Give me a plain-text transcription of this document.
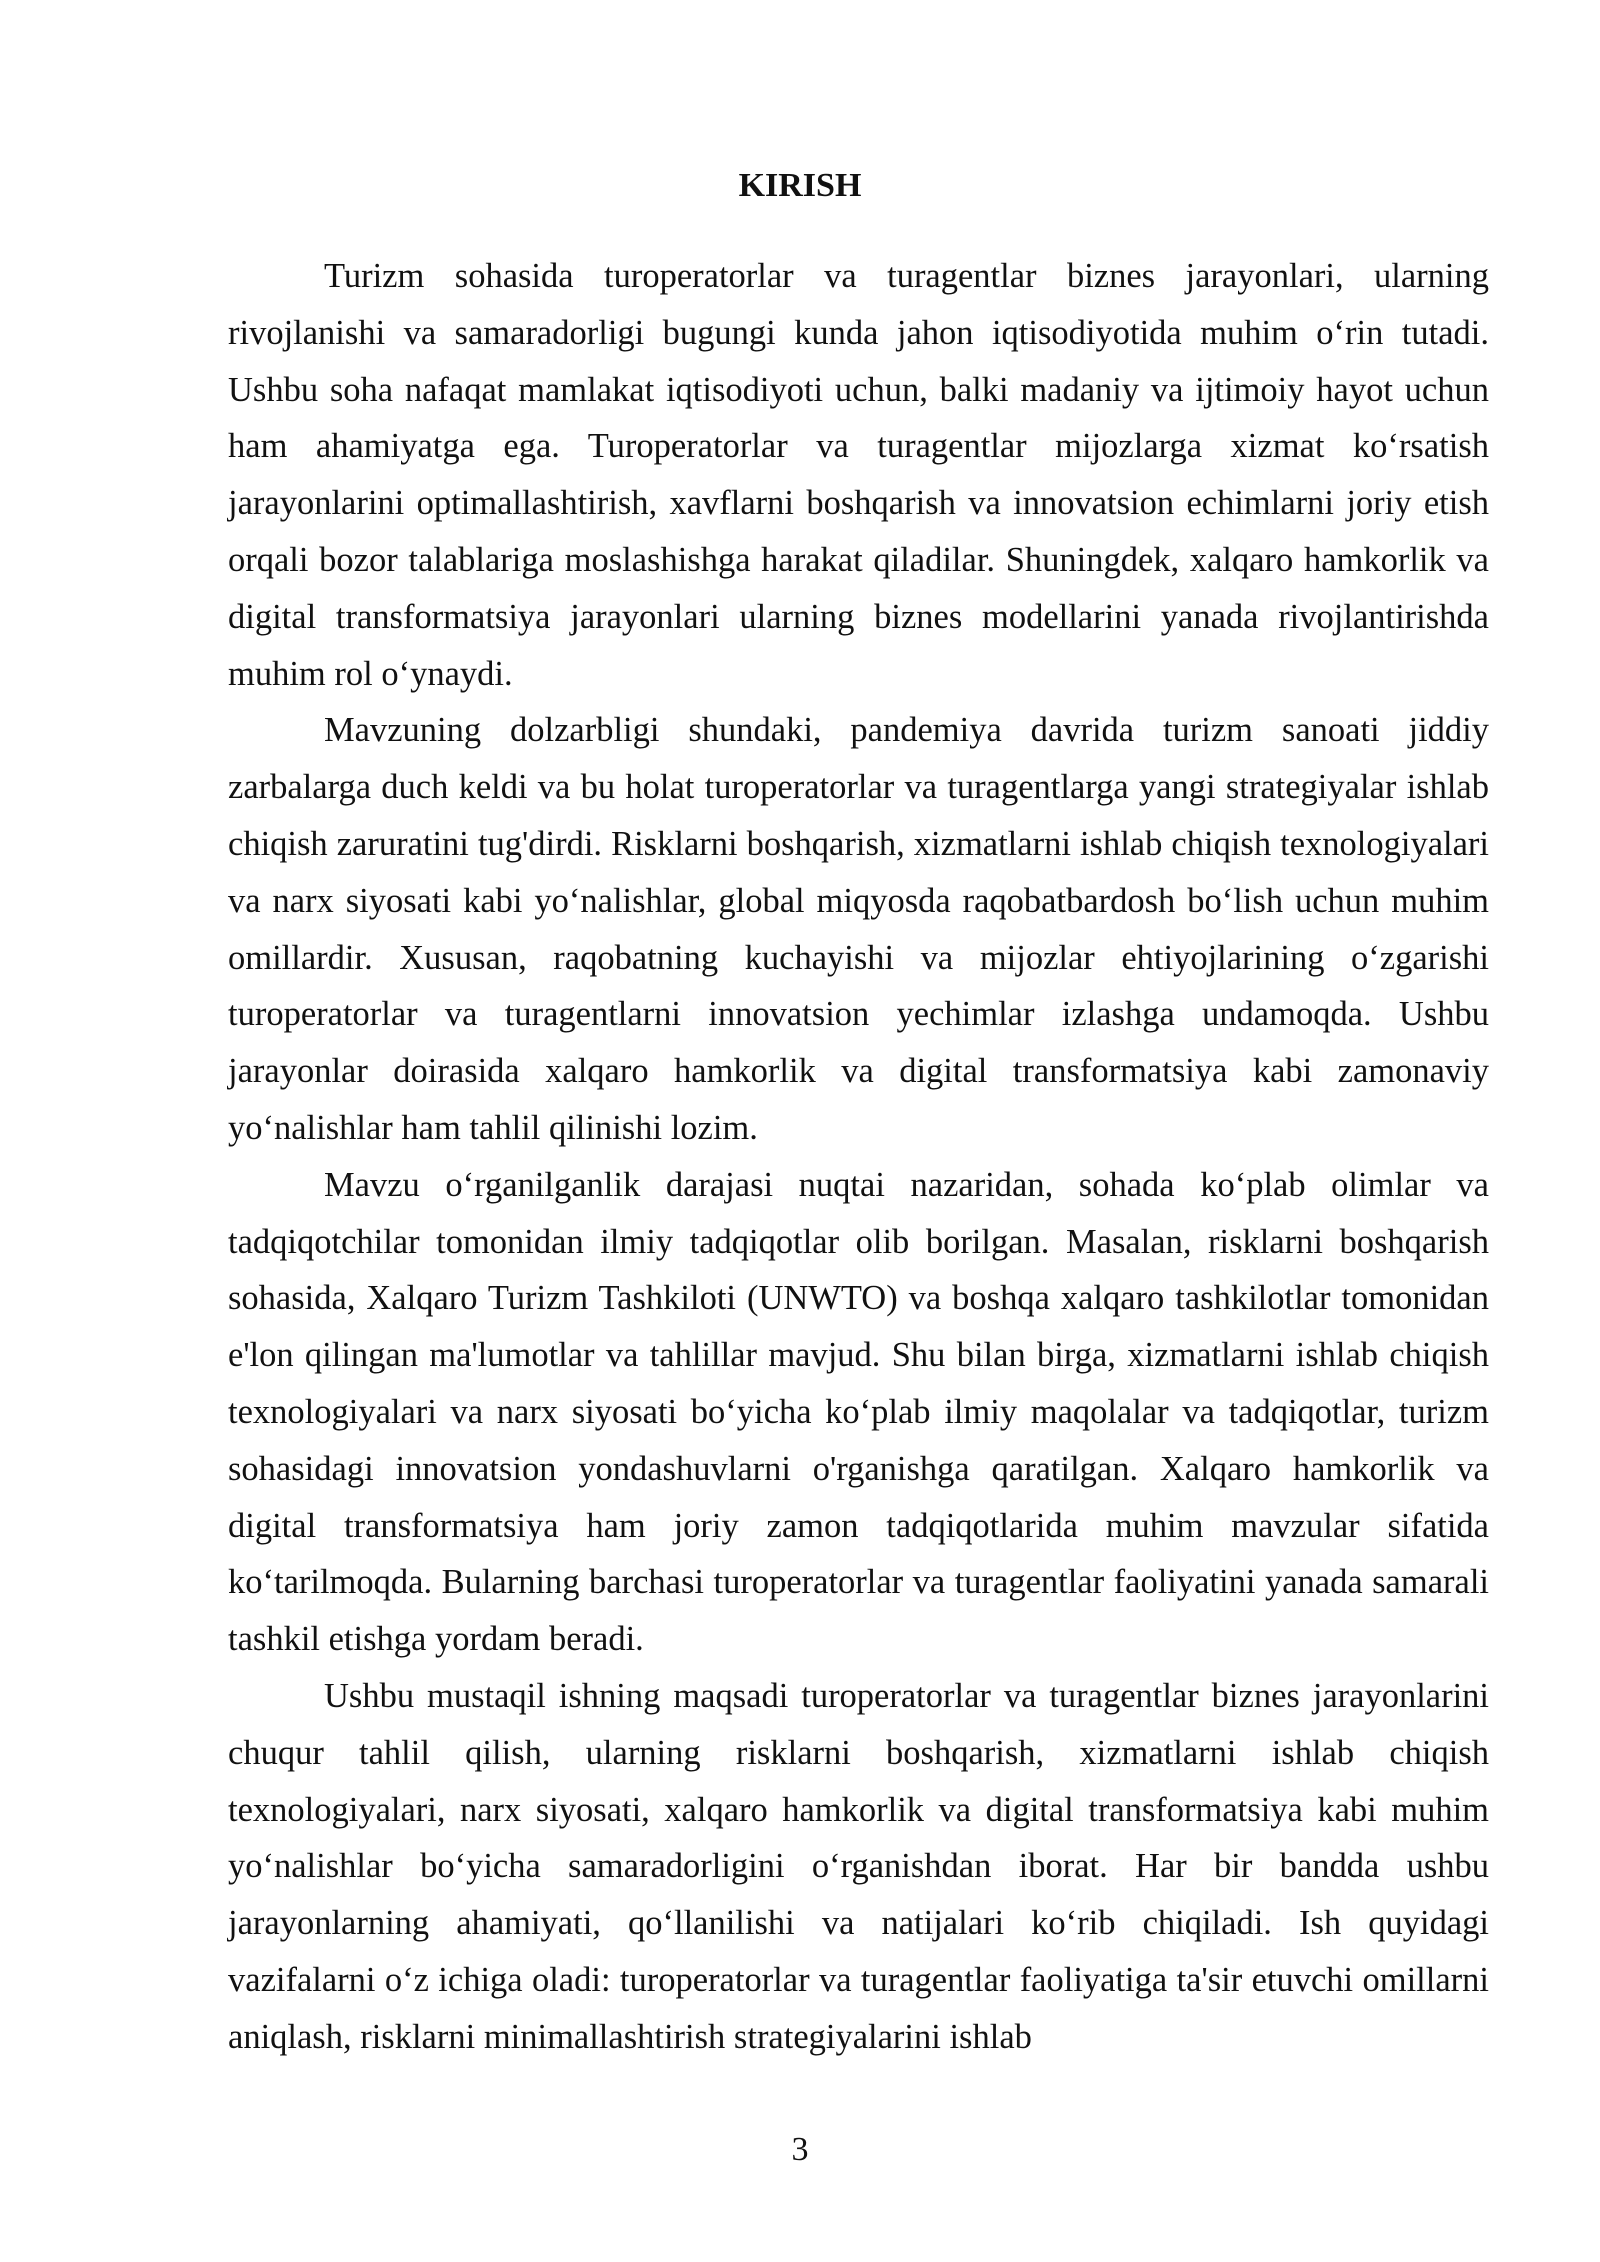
KIRISH

Turizm sohasida turoperatorlar va turagentlar biznes jarayonlari, ularning rivojlanishi va samaradorligi bugungi kunda jahon iqtisodiyotida muhim o‘rin tutadi. Ushbu soha nafaqat mamlakat iqtisodiyoti uchun, balki madaniy va ijtimoiy hayot uchun ham ahamiyatga ega. Turoperatorlar va turagentlar mijozlarga xizmat ko‘rsatish jarayonlarini optimallashtirish, xavflarni boshqarish va innovatsion echimlarni joriy etish orqali bozor talablariga moslashishga harakat qiladilar. Shuningdek, xalqaro hamkorlik va digital transformatsiya jarayonlari ularning biznes modellarini yanada rivojlantirishda muhim rol o‘ynaydi.

Mavzuning dolzarbligi shundaki, pandemiya davrida turizm sanoati jiddiy zarbalarga duch keldi va bu holat turoperatorlar va turagentlarga yangi strategiyalar ishlab chiqish zaruratini tug'dirdi. Risklarni boshqarish, xizmatlarni ishlab chiqish texnologiyalari va narx siyosati kabi yo‘nalishlar, global miqyosda raqobatbardosh bo‘lish uchun muhim omillardir. Xususan, raqobatning kuchayishi va mijozlar ehtiyojlarining o‘zgarishi turoperatorlar va turagentlarni innovatsion yechimlar izlashga undamoqda. Ushbu jarayonlar doirasida xalqaro hamkorlik va digital transformatsiya kabi zamonaviy yo‘nalishlar ham tahlil qilinishi lozim.

Mavzu o‘rganilganlik darajasi nuqtai nazaridan, sohada ko‘plab olimlar va tadqiqotchilar tomonidan ilmiy tadqiqotlar olib borilgan. Masalan, risklarni boshqarish sohasida, Xalqaro Turizm Tashkiloti (UNWTO) va boshqa xalqaro tashkilotlar tomonidan e'lon qilingan ma'lumotlar va tahlillar mavjud. Shu bilan birga, xizmatlarni ishlab chiqish texnologiyalari va narx siyosati bo‘yicha ko‘plab ilmiy maqolalar va tadqiqotlar, turizm sohasidagi innovatsion yondashuvlarni o'rganishga qaratilgan. Xalqaro hamkorlik va digital transformatsiya ham joriy zamon tadqiqotlarida muhim mavzular sifatida ko‘tarilmoqda. Bularning barchasi turoperatorlar va turagentlar faoliyatini yanada samarali tashkil etishga yordam beradi.

Ushbu mustaqil ishning maqsadi turoperatorlar va turagentlar biznes jarayonlarini chuqur tahlil qilish, ularning risklarni boshqarish, xizmatlarni ishlab chiqish texnologiyalari, narx siyosati, xalqaro hamkorlik va digital transformatsiya kabi muhim yo‘nalishlar bo‘yicha samaradorligini o‘rganishdan iborat. Har bir bandda ushbu jarayonlarning ahamiyati, qo‘llanilishi va natijalari ko‘rib chiqiladi. Ish quyidagi vazifalarni o‘z ichiga oladi: turoperatorlar va turagentlar faoliyatiga ta'sir etuvchi omillarni aniqlash, risklarni minimallashtirish strategiyalarini ishlab

3
